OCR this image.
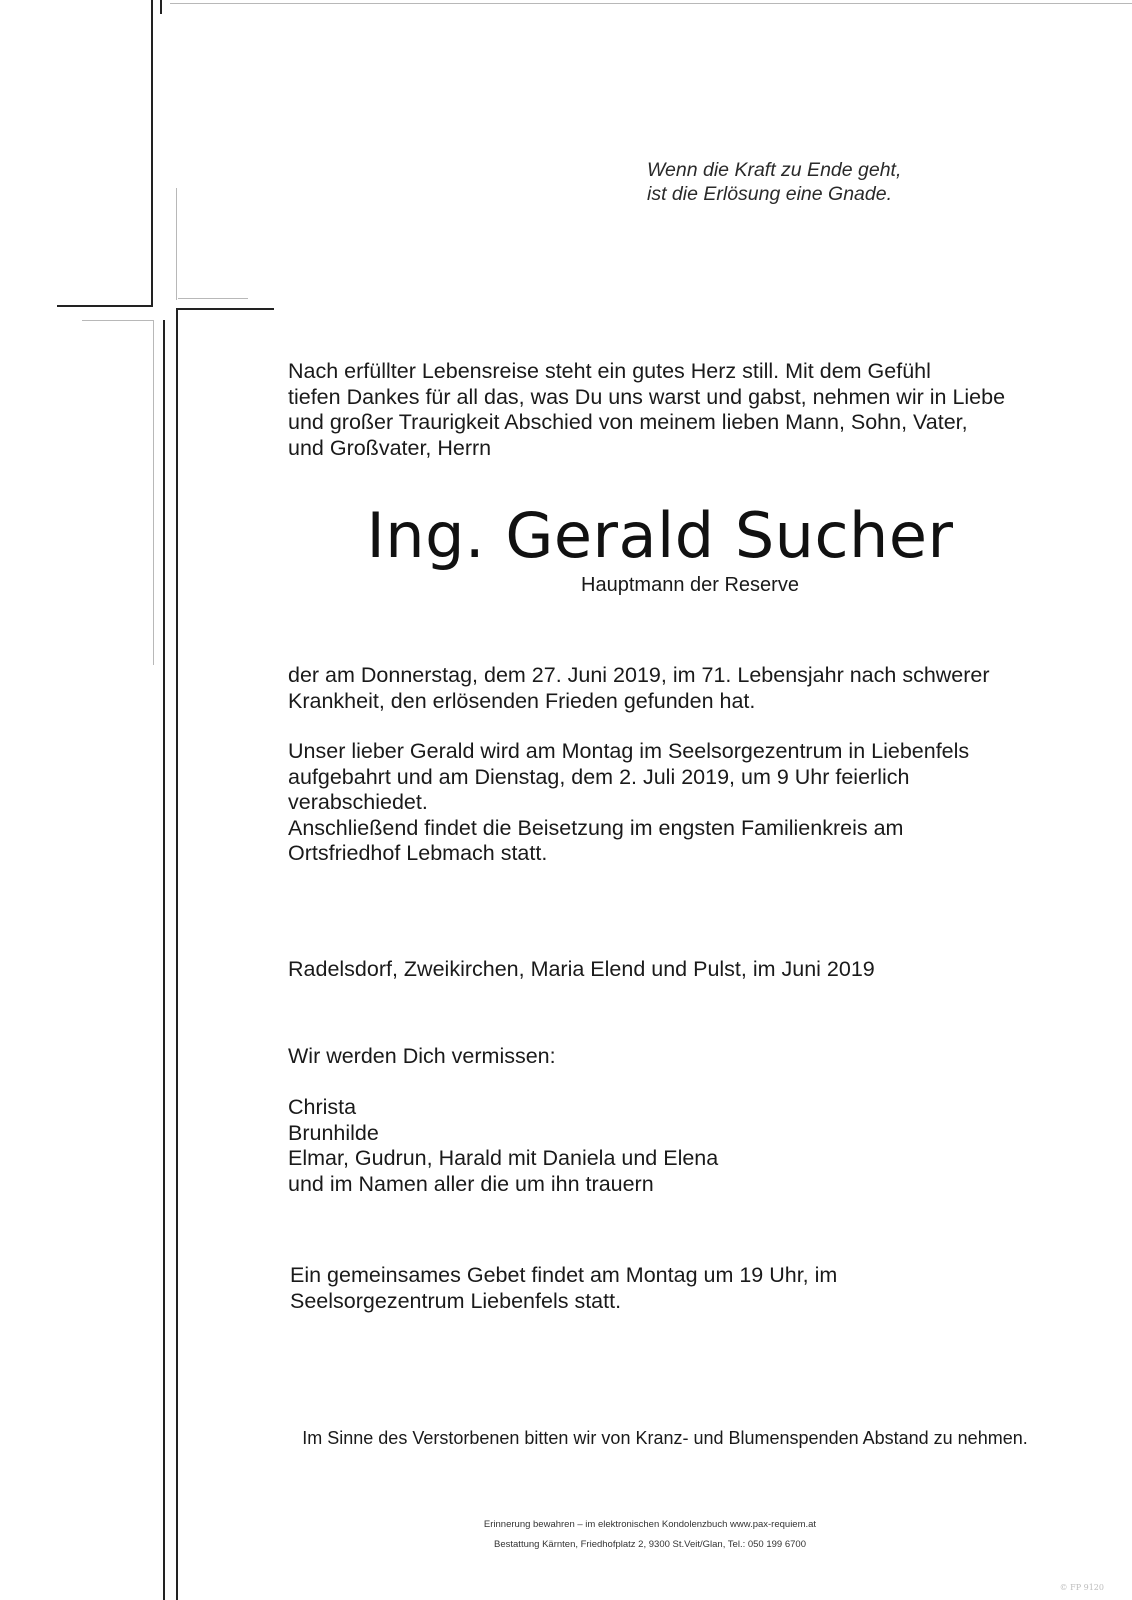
Wenn die Kraft zu Ende geht,
ist die Erlösung eine Gnade.
Nach erfüllter Lebensreise steht ein gutes Herz still. Mit dem Gefühl
tiefen Dankes für all das, was Du uns warst und gabst, nehmen wir in Liebe
und großer Traurigkeit Abschied von meinem lieben Mann, Sohn, Vater,
und Großvater, Herrn
Ing. Gerald Sucher
Hauptmann der Reserve
der am Donnerstag, dem 27. Juni 2019, im 71. Lebensjahr nach schwerer
Krankheit, den erlösenden Frieden gefunden hat.
Unser lieber Gerald wird am Montag im Seelsorgezentrum in Liebenfels
aufgebahrt und am Dienstag, dem 2. Juli 2019, um 9 Uhr feierlich
verabschiedet.
Anschließend findet die Beisetzung im engsten Familienkreis am
Ortsfriedhof Lebmach statt.
Radelsdorf, Zweikirchen, Maria Elend und Pulst, im Juni 2019
Wir werden Dich vermissen:
Christa
Brunhilde
Elmar, Gudrun, Harald mit Daniela und Elena
und im Namen aller die um ihn trauern
Ein gemeinsames Gebet findet am Montag um 19 Uhr, im
Seelsorgezentrum Liebenfels statt.
Im Sinne des Verstorbenen bitten wir von Kranz- und Blumenspenden Abstand zu nehmen.
Erinnerung bewahren – im elektronischen Kondolenzbuch www.pax-requiem.at
Bestattung Kärnten, Friedhofplatz 2, 9300 St.Veit/Glan, Tel.: 050 199 6700
© FP 9120
